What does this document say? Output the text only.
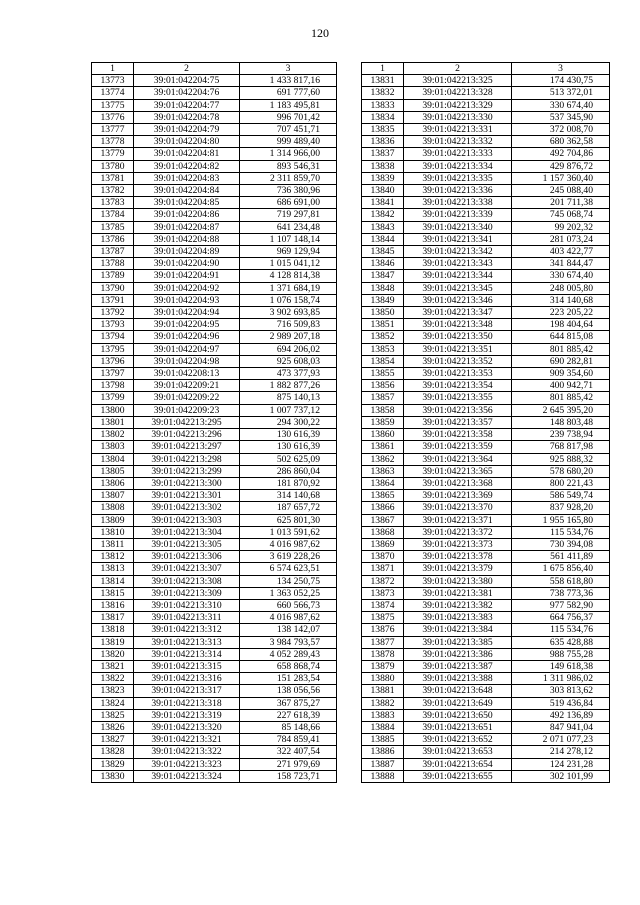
120
1	2	3
13773	39:01:042204:75	1 433 817,16
13774	39:01:042204:76	691 777,60
13775	39:01:042204:77	1 183 495,81
13776	39:01:042204:78	996 701,42
13777	39:01:042204:79	707 451,71
13778	39:01:042204:80	999 489,40
13779	39:01:042204:81	1 314 966,00
13780	39:01:042204:82	893 546,31
13781	39:01:042204:83	2 311 859,70
13782	39:01:042204:84	736 380,96
13783	39:01:042204:85	686 691,00
13784	39:01:042204:86	719 297,81
13785	39:01:042204:87	641 234,48
13786	39:01:042204:88	1 107 148,14
13787	39:01:042204:89	969 129,94
13788	39:01:042204:90	1 015 041,12
13789	39:01:042204:91	4 128 814,38
13790	39:01:042204:92	1 371 684,19
13791	39:01:042204:93	1 076 158,74
13792	39:01:042204:94	3 902 693,85
13793	39:01:042204:95	716 509,83
13794	39:01:042204:96	2 989 207,18
13795	39:01:042204:97	694 206,02
13796	39:01:042204:98	925 608,03
13797	39:01:042208:13	473 377,93
13798	39:01:042209:21	1 882 877,26
13799	39:01:042209:22	875 140,13
13800	39:01:042209:23	1 007 737,12
13801	39:01:042213:295	294 300,22
13802	39:01:042213:296	130 616,39
13803	39:01:042213:297	130 616,39
13804	39:01:042213:298	502 625,09
13805	39:01:042213:299	286 860,04
13806	39:01:042213:300	181 870,92
13807	39:01:042213:301	314 140,68
13808	39:01:042213:302	187 657,72
13809	39:01:042213:303	625 801,30
13810	39:01:042213:304	1 013 591,62
13811	39:01:042213:305	4 016 987,62
13812	39:01:042213:306	3 619 228,26
13813	39:01:042213:307	6 574 623,51
13814	39:01:042213:308	134 250,75
13815	39:01:042213:309	1 363 052,25
13816	39:01:042213:310	660 566,73
13817	39:01:042213:311	4 016 987,62
13818	39:01:042213:312	138 142,07
13819	39:01:042213:313	3 984 793,57
13820	39:01:042213:314	4 052 289,43
13821	39:01:042213:315	658 868,74
13822	39:01:042213:316	151 283,54
13823	39:01:042213:317	138 056,56
13824	39:01:042213:318	367 875,27
13825	39:01:042213:319	227 618,39
13826	39:01:042213:320	85 148,66
13827	39:01:042213:321	784 859,41
13828	39:01:042213:322	322 407,54
13829	39:01:042213:323	271 979,69
13830	39:01:042213:324	158 723,71
1	2	3
13831	39:01:042213:325	174 430,75
13832	39:01:042213:328	513 372,01
13833	39:01:042213:329	330 674,40
13834	39:01:042213:330	537 345,90
13835	39:01:042213:331	372 008,70
13836	39:01:042213:332	680 362,58
13837	39:01:042213:333	492 704,86
13838	39:01:042213:334	429 876,72
13839	39:01:042213:335	1 157 360,40
13840	39:01:042213:336	245 088,40
13841	39:01:042213:338	201 711,38
13842	39:01:042213:339	745 068,74
13843	39:01:042213:340	99 202,32
13844	39:01:042213:341	281 073,24
13845	39:01:042213:342	403 422,77
13846	39:01:042213:343	341 844,47
13847	39:01:042213:344	330 674,40
13848	39:01:042213:345	248 005,80
13849	39:01:042213:346	314 140,68
13850	39:01:042213:347	223 205,22
13851	39:01:042213:348	198 404,64
13852	39:01:042213:350	644 815,08
13853	39:01:042213:351	801 885,42
13854	39:01:042213:352	690 282,81
13855	39:01:042213:353	909 354,60
13856	39:01:042213:354	400 942,71
13857	39:01:042213:355	801 885,42
13858	39:01:042213:356	2 645 395,20
13859	39:01:042213:357	148 803,48
13860	39:01:042213:358	239 738,94
13861	39:01:042213:359	768 817,98
13862	39:01:042213:364	925 888,32
13863	39:01:042213:365	578 680,20
13864	39:01:042213:368	800 221,43
13865	39:01:042213:369	586 549,74
13866	39:01:042213:370	837 928,20
13867	39:01:042213:371	1 955 165,80
13868	39:01:042213:372	115 534,76
13869	39:01:042213:373	730 394,08
13870	39:01:042213:378	561 411,89
13871	39:01:042213:379	1 675 856,40
13872	39:01:042213:380	558 618,80
13873	39:01:042213:381	738 773,36
13874	39:01:042213:382	977 582,90
13875	39:01:042213:383	664 756,37
13876	39:01:042213:384	115 534,76
13877	39:01:042213:385	635 428,88
13878	39:01:042213:386	988 755,28
13879	39:01:042213:387	149 618,38
13880	39:01:042213:388	1 311 986,02
13881	39:01:042213:648	303 813,62
13882	39:01:042213:649	519 436,84
13883	39:01:042213:650	492 136,89
13884	39:01:042213:651	847 941,04
13885	39:01:042213:652	2 071 077,23
13886	39:01:042213:653	214 278,12
13887	39:01:042213:654	124 231,28
13888	39:01:042213:655	302 101,99
